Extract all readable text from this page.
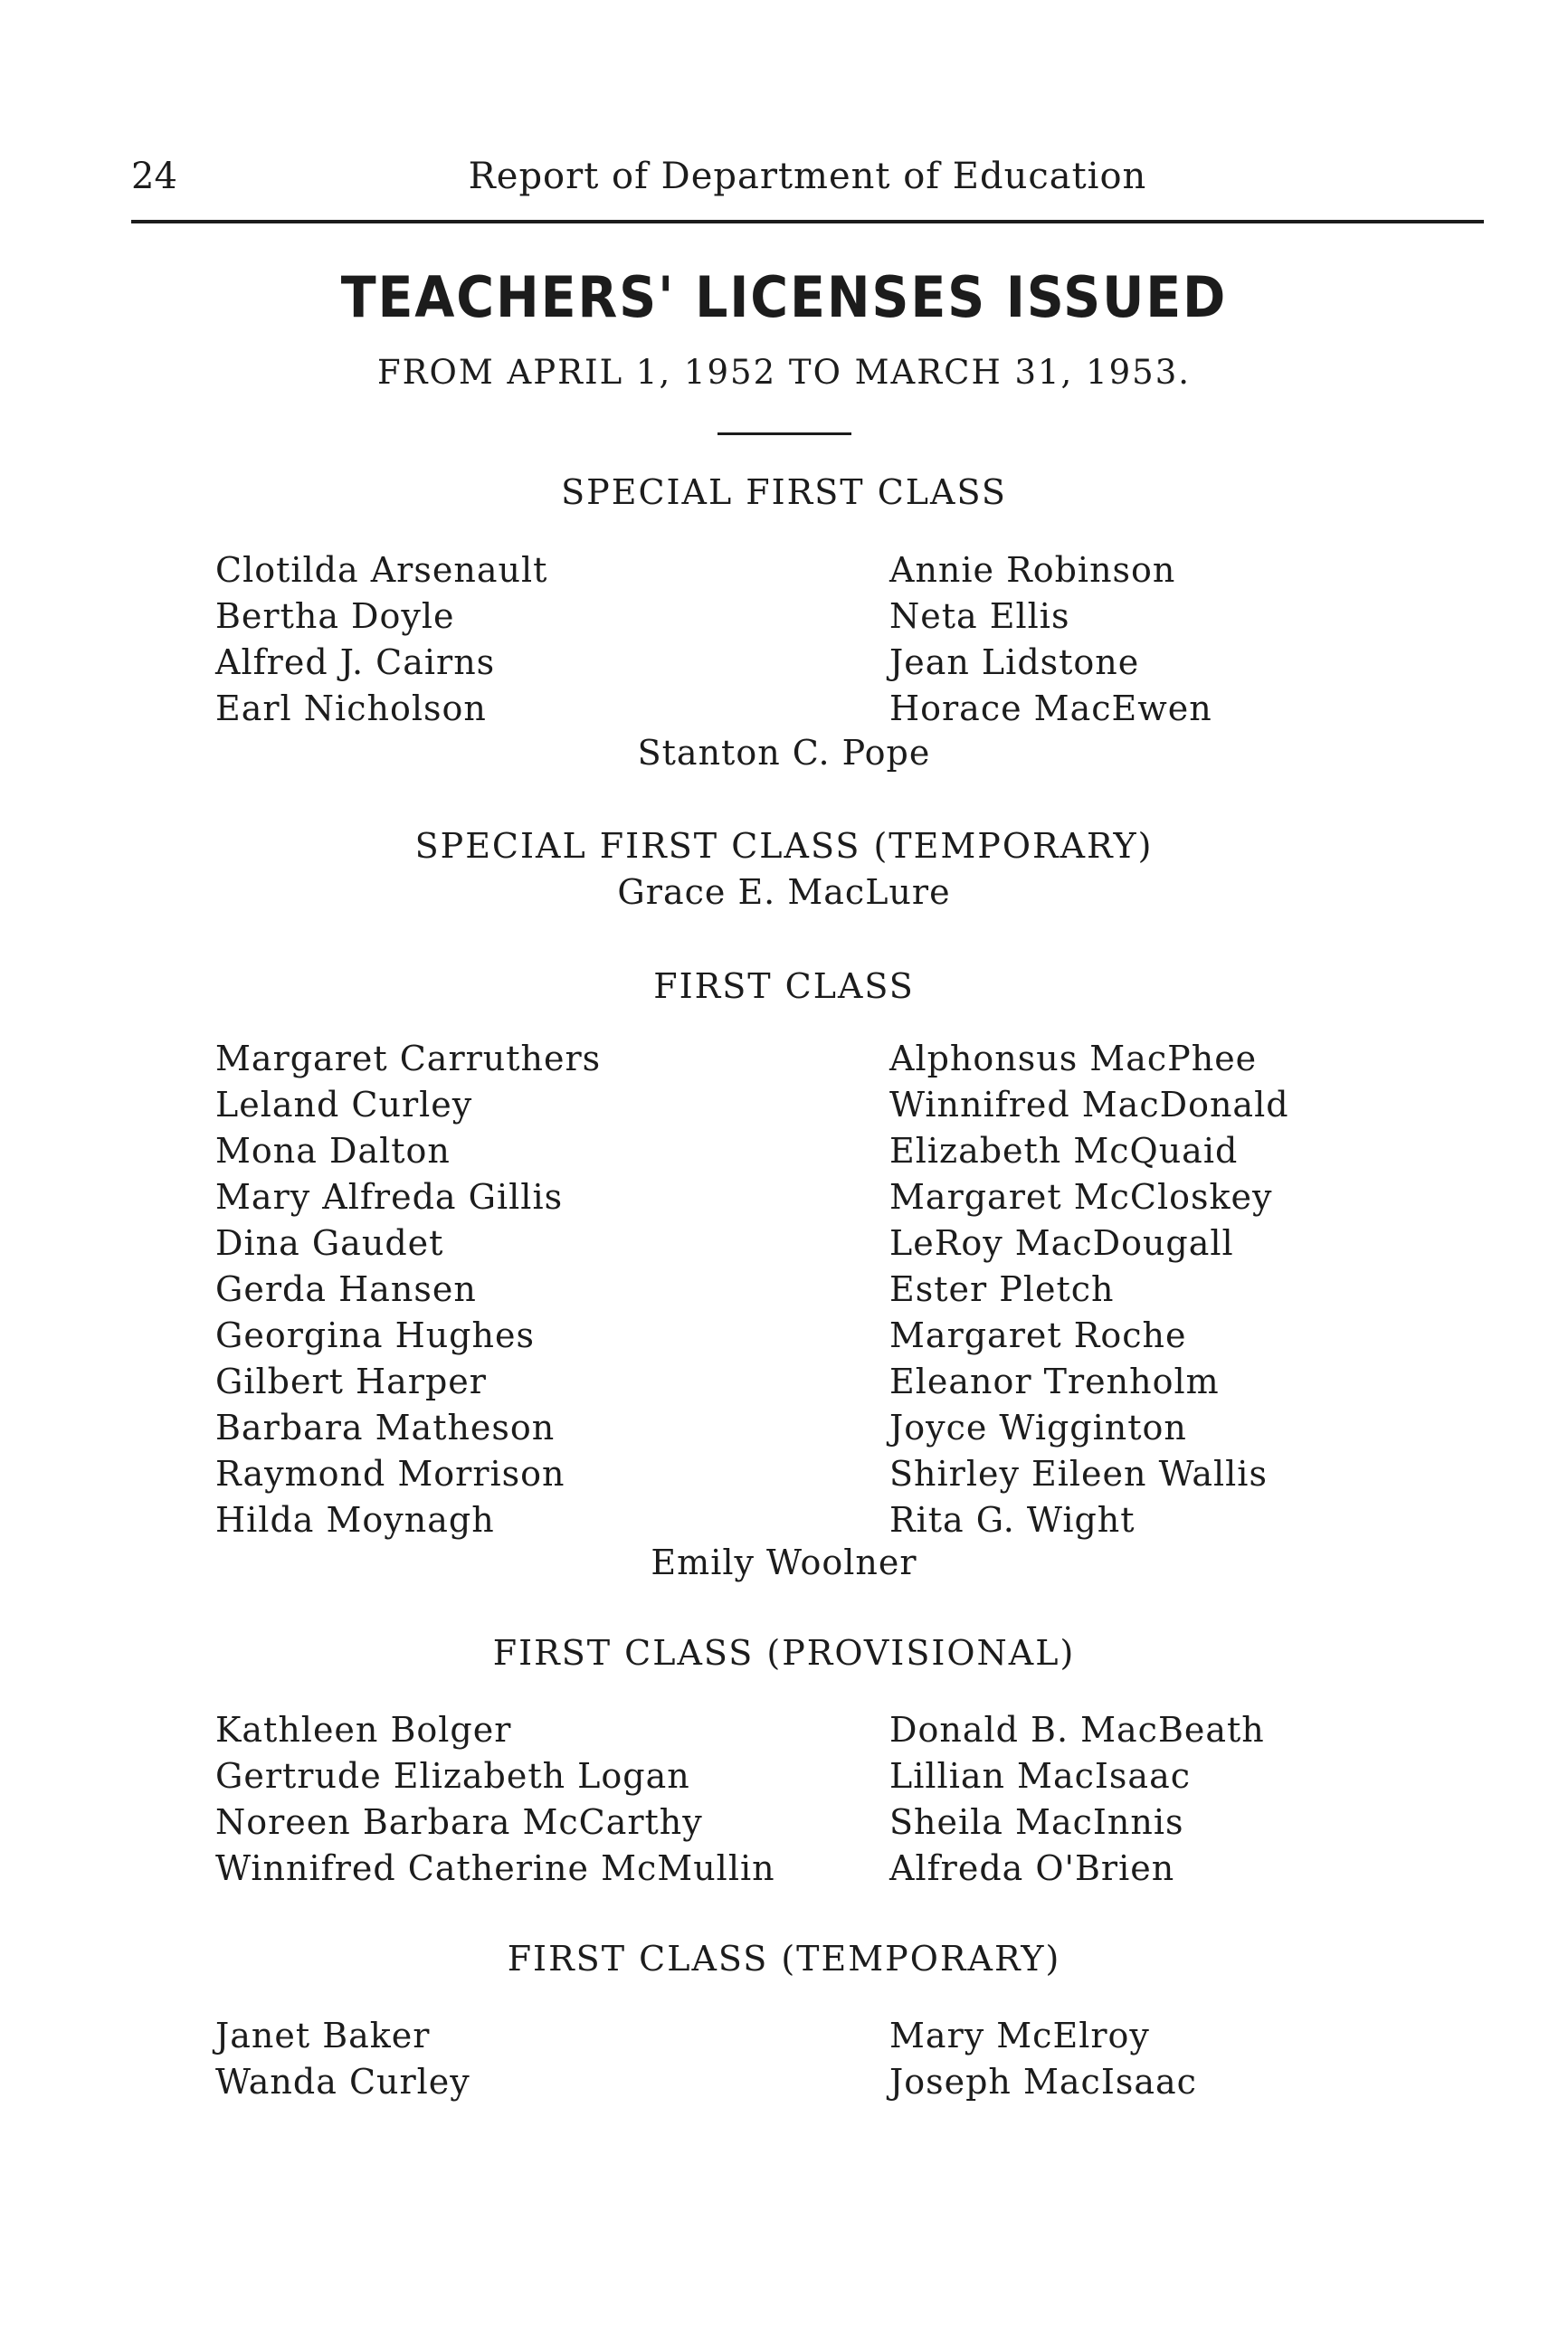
24	Report of Department of Education
TEACHERS' LICENSES ISSUED
FROM APRIL 1, 1952 TO MARCH 31, 1953.
SPECIAL FIRST CLASS
Clotilda Arsenault
Bertha Doyle
Alfred J. Cairns
Earl Nicholson
Annie Robinson
Neta Ellis
Jean Lidstone
Horace MacEwen
Stanton C. Pope
SPECIAL FIRST CLASS (TEMPORARY)
Grace E. MacLure
FIRST CLASS
Margaret Carruthers
Leland Curley
Mona Dalton
Mary Alfreda Gillis
Dina Gaudet
Gerda Hansen
Georgina Hughes
Gilbert Harper
Barbara Matheson
Raymond Morrison
Hilda Moynagh
Alphonsus MacPhee
Winnifred MacDonald
Elizabeth McQuaid
Margaret McCloskey
LeRoy MacDougall
Ester Pletch
Margaret Roche
Eleanor Trenholm
Joyce Wigginton
Shirley Eileen Wallis
Rita G. Wight
Emily Woolner
FIRST CLASS (PROVISIONAL)
Kathleen Bolger
Gertrude Elizabeth Logan
Noreen Barbara McCarthy
Winnifred Catherine McMullin
Donald B. MacBeath
Lillian MacIsaac
Sheila MacInnis
Alfreda O'Brien
FIRST CLASS (TEMPORARY)
Janet Baker
Wanda Curley
Mary McElroy
Joseph MacIsaac
